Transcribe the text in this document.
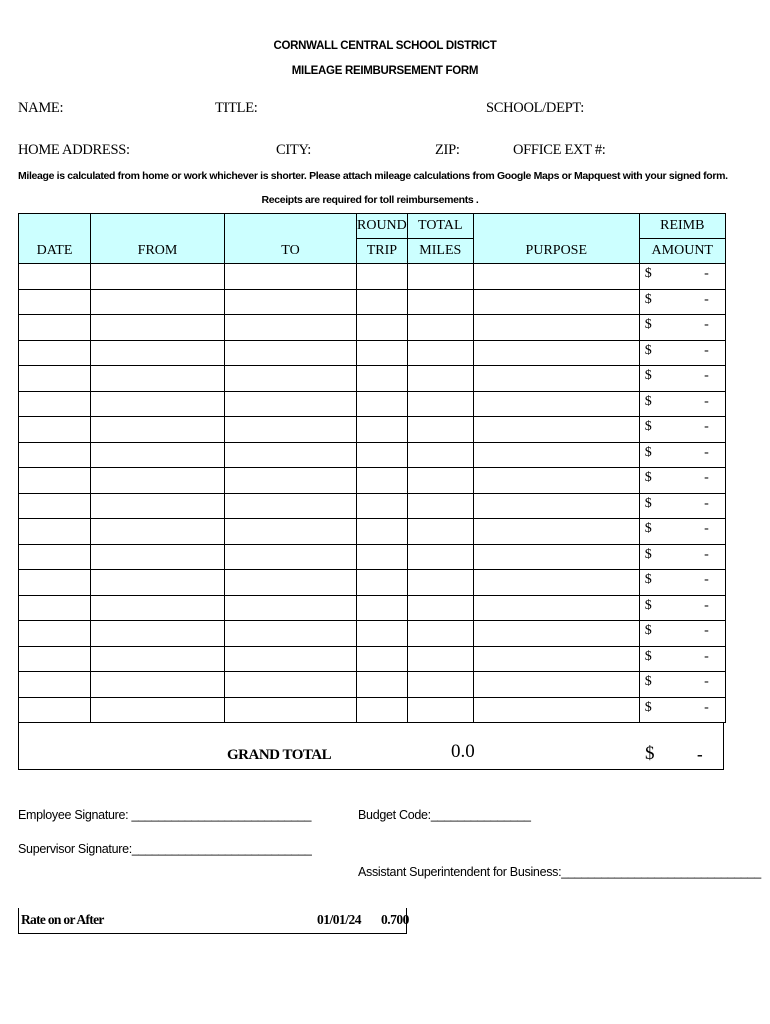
CORNWALL CENTRAL SCHOOL DISTRICT
MILEAGE REIMBURSEMENT FORM
NAME:	TITLE:	SCHOOL/DEPT:
HOME ADDRESS:	CITY:	ZIP:	OFFICE EXT #:
Mileage is calculated from home or work whichever is shorter. Please attach mileage calculations from Google Maps or Mapquest with your signed form.
Receipts are required for toll reimbursements .
DATE	FROM	TO	ROUND	TOTAL	PURPOSE	REIMB
			TRIP	MILES		AMOUNT

						$ -

						$ -

						$ -

						$ -

						$ -

						$ -

						$ -

						$ -

						$ -

						$ -

						$ -

						$ -

						$ -

						$ -

						$ -

						$ -

						$ -

						$ -
GRAND TOTAL	0.0	$	-
Employee Signature: ___________________________	Budget Code:_______________
Supervisor Signature:___________________________
Assistant Superintendent for Business:______________________________
Rate on or After	01/01/24 0.700
